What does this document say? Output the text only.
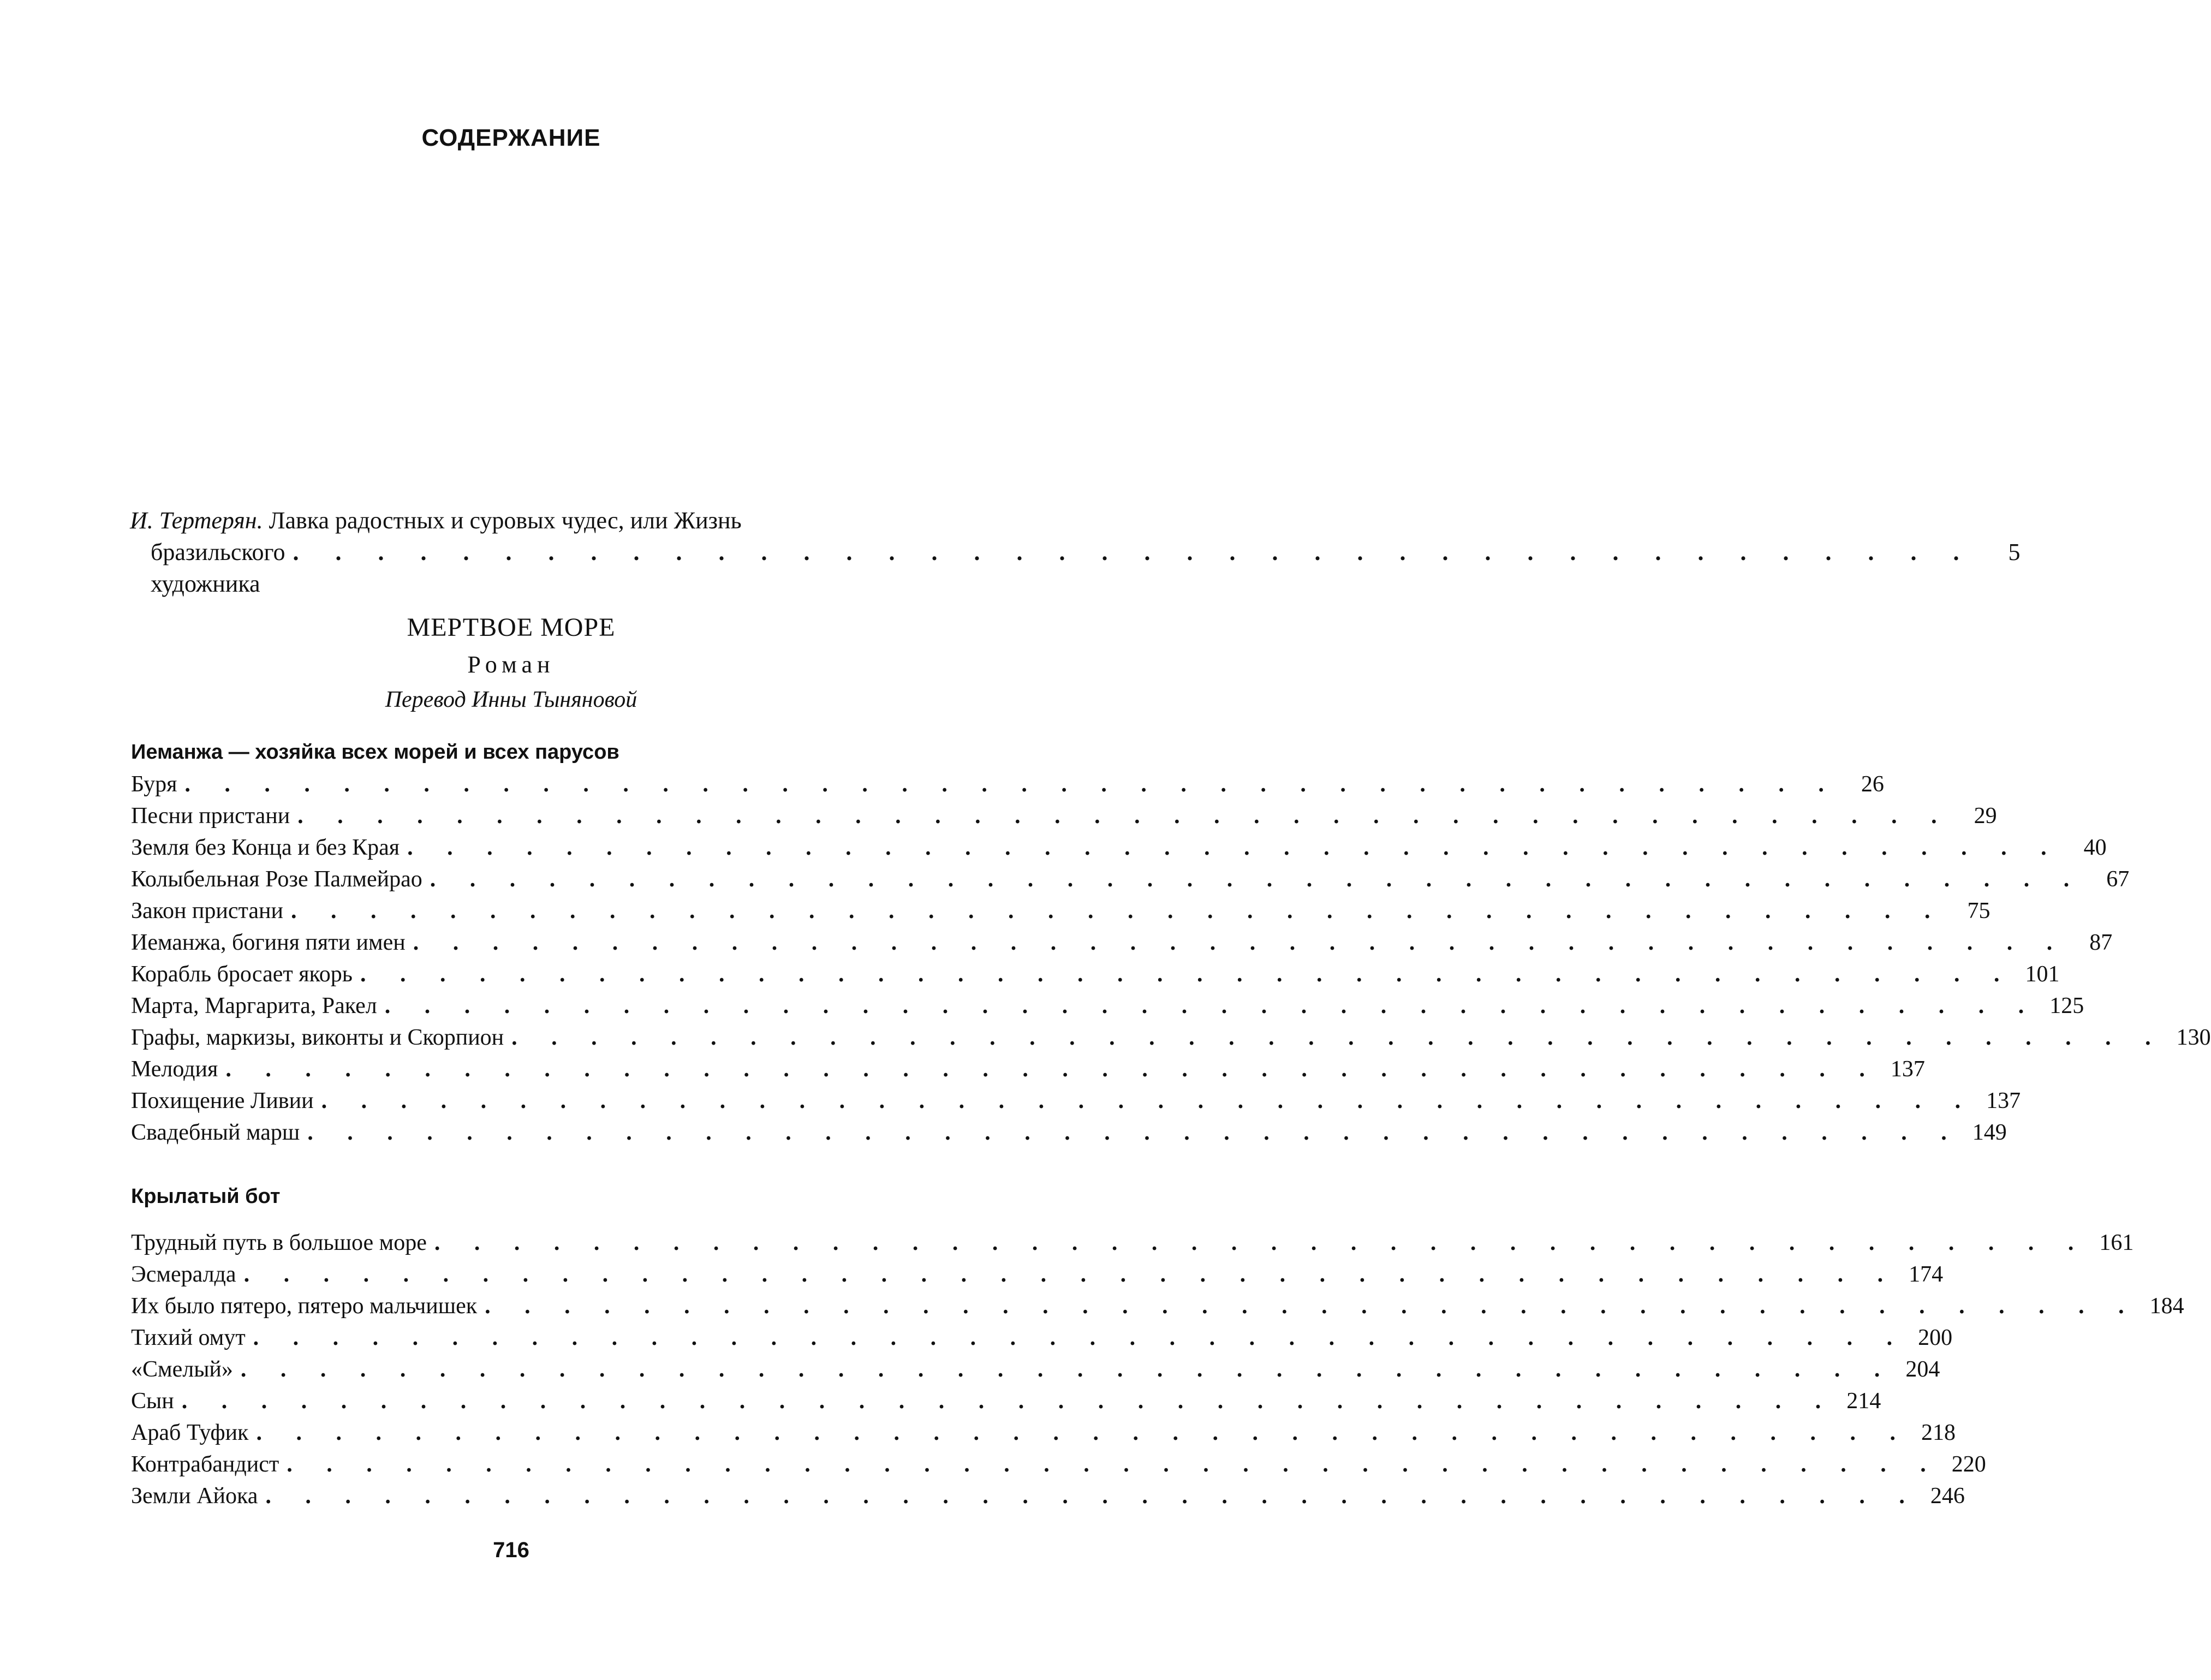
СОДЕРЖАНИЕ
И. Тертерян. Лавка радостных и суровых чудес, или Жизнь
бразильского художника
. . . . . . . . . . . . . . . . . . . . . . . . . . . . . . . . . . . . . . . .	5
МЕРТВОЕ МОРЕ
Роман
Перевод Инны Тыняновой
Иеманжа — хозяйка всех морей и всех парусов
Буря . . . . . . . . . . . . . . . . . . . . . . . . . . . . . . . . . . . . . . . . . .	26
Песни пристани . . . . . . . . . . . . . . . . . . . . . . . . . . . . . . . . . . . . . . . . . .	29
Земля без Конца и без Края . . . . . . . . . . . . . . . . . . . . . . . . . . . . . . . . . . . . . . . . . .	40
Колыбельная Розе Палмейрао . . . . . . . . . . . . . . . . . . . . . . . . . . . . . . . . . . . . . . . . . .	67
Закон пристани . . . . . . . . . . . . . . . . . . . . . . . . . . . . . . . . . . . . . . . . . .	75
Иеманжа, богиня пяти имен . . . . . . . . . . . . . . . . . . . . . . . . . . . . . . . . . . . . . . . . . .	87
Корабль бросает якорь . . . . . . . . . . . . . . . . . . . . . . . . . . . . . . . . . . . . . . . . . . 101
Марта, Маргарита, Ракел . . . . . . . . . . . . . . . . . . . . . . . . . . . . . . . . . . . . . . . . . . 125
Графы, маркизы, виконты и Скорпион . . . . . . . . . . . . . . . . . . . . . . . . . . . . . . . . . . . . . . . . . . 130
Мелодия . . . . . . . . . . . . . . . . . . . . . . . . . . . . . . . . . . . . . . . . . . 137
Похищение Ливии . . . . . . . . . . . . . . . . . . . . . . . . . . . . . . . . . . . . . . . . . . 137
Свадебный марш . . . . . . . . . . . . . . . . . . . . . . . . . . . . . . . . . . . . . . . . . . 149
Крылатый бот
Трудный путь в большое море . . . . . . . . . . . . . . . . . . . . . . . . . . . . . . . . . . . . . . . . . . 161
Эсмералда . . . . . . . . . . . . . . . . . . . . . . . . . . . . . . . . . . . . . . . . . . 174
Их было пятеро, пятеро мальчишек . . . . . . . . . . . . . . . . . . . . . . . . . . . . . . . . . . . . . . . . . . 184
Тихий омут . . . . . . . . . . . . . . . . . . . . . . . . . . . . . . . . . . . . . . . . . . 200
«Смелый» . . . . . . . . . . . . . . . . . . . . . . . . . . . . . . . . . . . . . . . . . . 204
Сын . . . . . . . . . . . . . . . . . . . . . . . . . . . . . . . . . . . . . . . . . . 214
Араб Туфик . . . . . . . . . . . . . . . . . . . . . . . . . . . . . . . . . . . . . . . . . . 218
Контрабандист . . . . . . . . . . . . . . . . . . . . . . . . . . . . . . . . . . . . . . . . . . 220
Земли Айока . . . . . . . . . . . . . . . . . . . . . . . . . . . . . . . . . . . . . . . . . . 246
716
